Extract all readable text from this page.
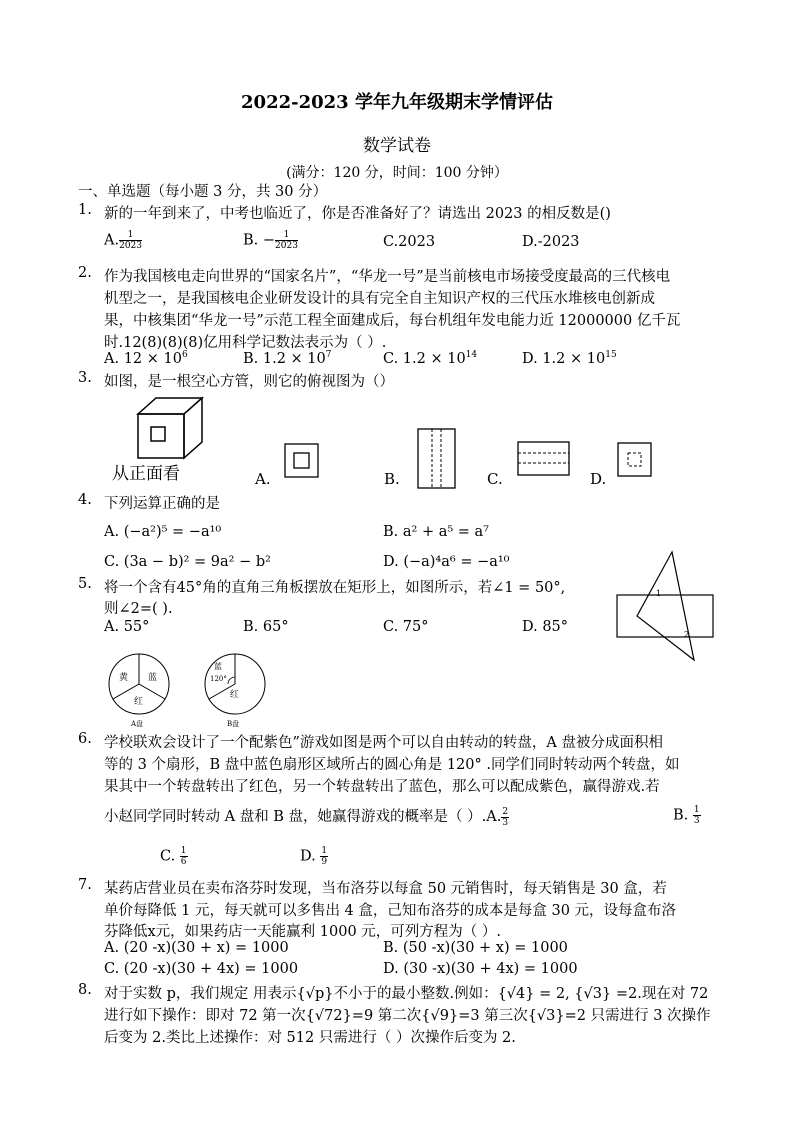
2022-2023 学年九年级期末学情评估
数学试卷
(满分：120 分，时间：100 分钟）
一、单选题（每小题 3 分，共 30 分）
1. 新的一年到来了，中考也临近了，你是否准备好了？请选出 2023 的相反数是()
A. $\frac{1}{2023}$	B. − $\frac{1}{2023}$	C.2023	D.-2023
2. 作为我国核电走向世界的“国家名片”，“华龙一号”是当前核电市场接受度最高的三代核电
机型之一，是我国核电企业研发设计的具有完全自主知识产权的三代压水堆核电创新成
果，中核集团“华龙一号”示范工程全面建成后，每台机组年发电能力近 12000000 亿千瓦
时.12(8)(8)(8)亿用科学记数法表示为（ ）.
A. $12 \times 10^6$	B. $1.2 \times 10^7$	C. $1.2 \times 10^{14}$	D. $1.2 \times 10^{15}$
3. 如图，是一根空心方管，则它的俯视图为（）
从正面看	A.	B.	C.	D.
4. 下列运算正确的是
A. (−a²)⁵ = −a¹⁰	B. a² + a⁵ = a⁷
C. (3a − b)² = 9a² − b²	D. (−a)⁴a⁶ = −a¹⁰
5. 将一个含有45°角的直角三角板摆放在矩形上，如图所示，若∠1 = 50°,
则∠2=( ).
A. 55°	B. 65°	C. 75°	D. 85°
1
2
黄 蓝
红
A盘
蓝
120°
红
B盘
6. 学校联欢会设计了一个配紫色”游戏如图是两个可以自由转动的转盘，A 盘被分成面积相
等的 3 个扇形，B 盘中蓝色扇形区域所占的圆心角是 120° .同学们同时转动两个转盘，如
果其中一个转盘转出了红色，另一个转盘转出了蓝色，那么可以配成紫色，赢得游戏.若
小赵同学同时转动 A 盘和 B 盘，她赢得游戏的概率是（ ）.A. $\frac{2}{3}$	B. $\frac{1}{3}$
C. $\frac{1}{6}$	D. $\frac{1}{9}$
7. 某药店营业员在卖布洛芬时发现，当布洛芬以每盒 50 元销售时，每天销售是 30 盒，若
单价每降低 1 元，每天就可以多售出 4 盒，己知布洛芬的成本是每盒 30 元，设每盒布洛
芬降低x元，如果药店一天能赢利 1000 元，可列方程为（ ）.
A. (20 -x)(30 + x) = 1000	B. (50 -x)(30 + x) = 1000
C. (20 -x)(30 + 4x) = 1000	D. (30 -x)(30 + 4x) = 1000
8. 对于实数 p，我们规定 用表示{√p}不小于的最小整数.例如：{√4} = 2, {√3} =2.现在对 72
进行如下操作：即对 72 第一次{√72}=9 第二次{√9}=3 第三次{√3}=2 只需进行 3 次操作
后变为 2.类比上述操作：对 512 只需进行（ ）次操作后变为 2.
